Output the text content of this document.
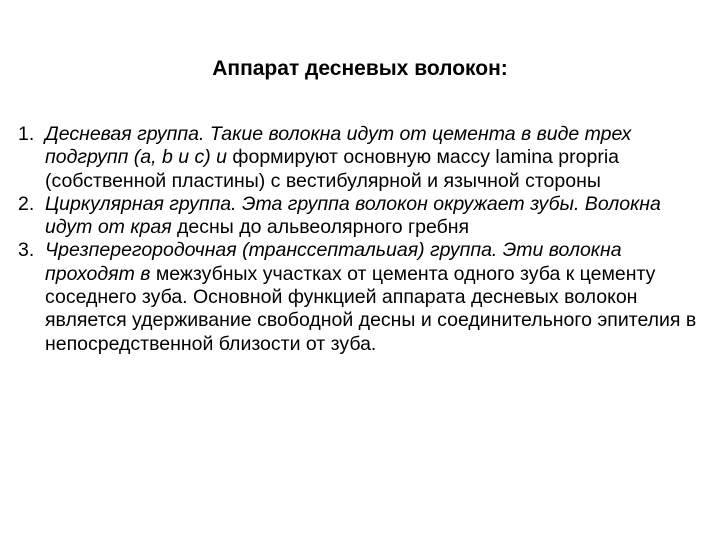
Аппарат десневых волокон:
1. Десневая группа. Такие волокна идут от цемента в виде трех подгрупп (a, b и c) и формируют основную массу lamina propria (собственной пластины) с вестибулярной и язычной стороны
2. Циркулярная группа. Эта группа волокон окружает зубы. Волокна идут от края десны до альвеолярного гребня
3. Чрезперегородочная (транссептальиая) группа. Эти волокна проходят в межзубных участках от цемента одного зуба к цементу соседнего зуба. Основной функцией аппарата десневых волокон является удерживание свободной десны и соединительного эпителия в непосредственной близости от зуба.
